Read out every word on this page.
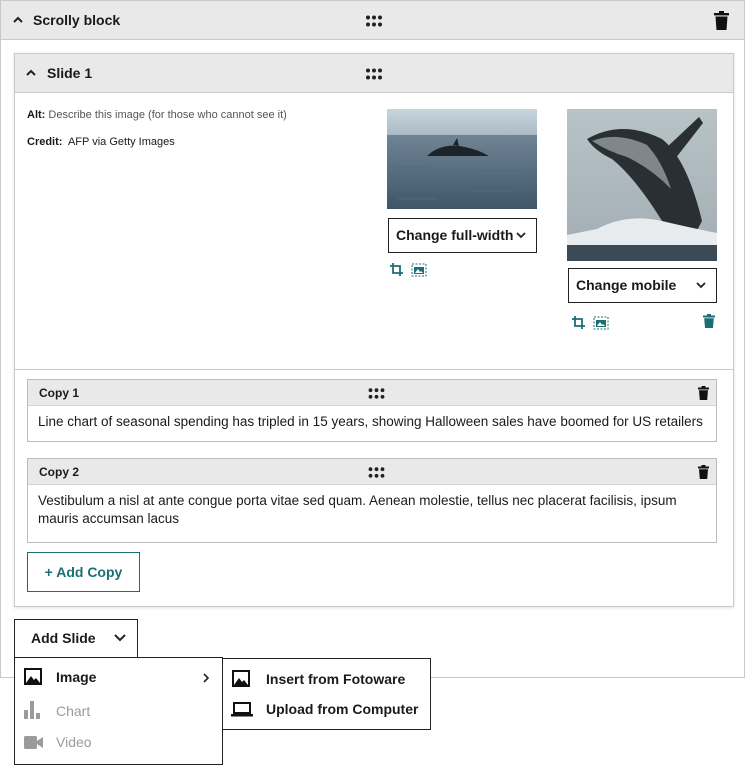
Scrolly block
Slide 1
Alt: Describe this image (for those who cannot see it)
Credit: AFP via Getty Images
Change full-width
Change mobile
Copy 1
Line chart of seasonal spending has tripled in 15 years, showing Halloween sales have boomed for US retailers
Copy 2
Vestibulum a nisl at ante congue porta vitae sed quam. Aenean molestie, tellus nec placerat facilisis, ipsum mauris accumsan lacus
+ Add Copy
Add Slide
Image
Chart
Video
Insert from Fotoware
Upload from Computer
